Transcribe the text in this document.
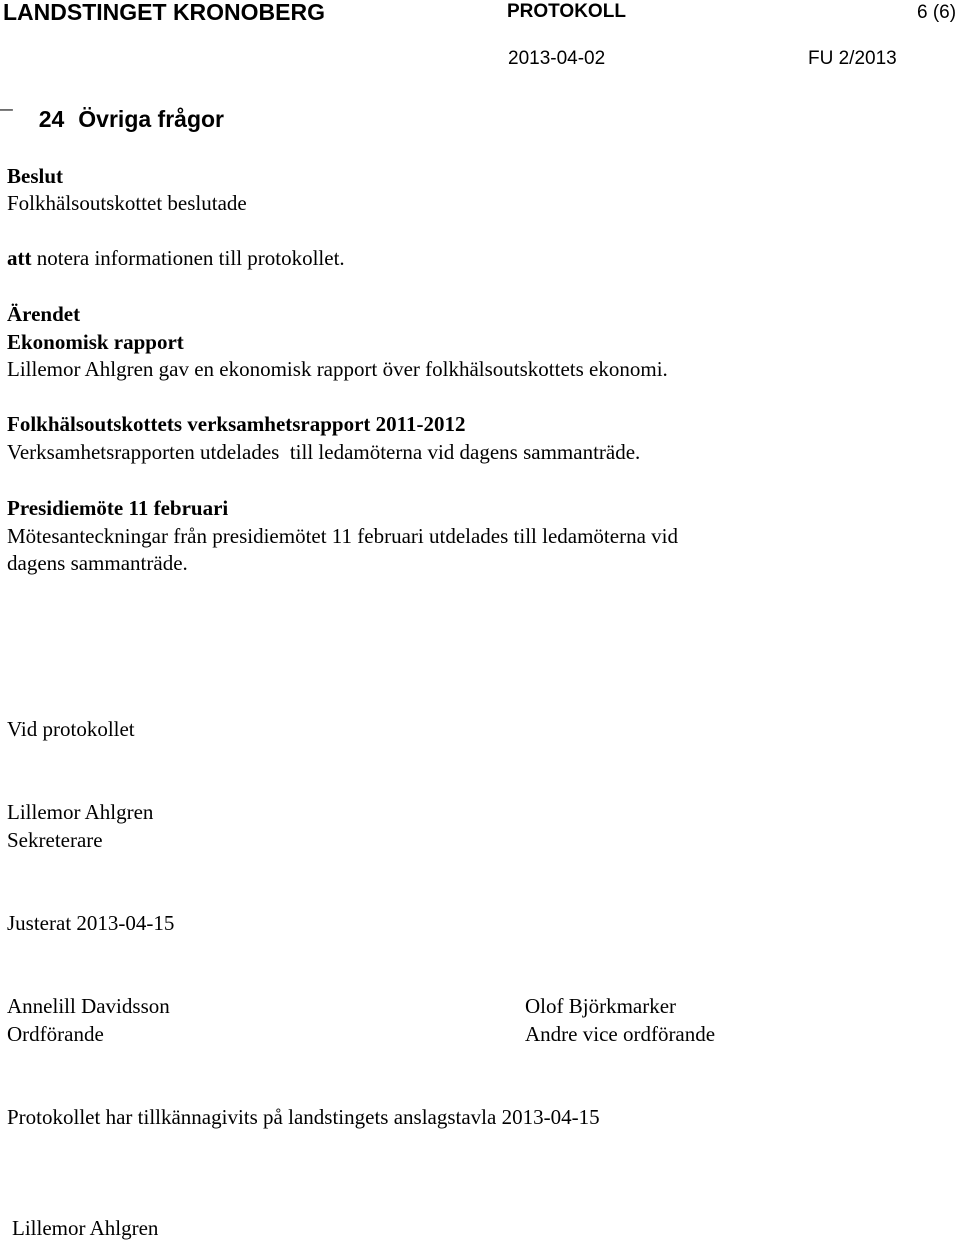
LANDSTINGET KRONOBERG	PROTOKOLL	6 (6)
2013-04-02	FU 2/2013
¯ 24 Övriga frågor
Beslut
Folkhälsoutskottet beslutade
att notera informationen till protokollet.
Ärendet
Ekonomisk rapport
Lillemor Ahlgren gav en ekonomisk rapport över folkhälsoutskottets ekonomi.
Folkhälsoutskottets verksamhetsrapport 2011-2012
Verksamhetsrapporten utdelades  till ledamöterna vid dagens sammanträde.
Presidiemöte 11 februari
Mötesanteckningar från presidiemötet 11 februari utdelades till ledamöterna vid
dagens sammanträde.
Vid protokollet
Lillemor Ahlgren
Sekreterare
Justerat 2013-04-15
Annelill Davidsson
Ordförande
Olof Björkmarker
Andre vice ordförande
Protokollet har tillkännagivits på landstingets anslagstavla 2013-04-15
Lillemor Ahlgren
